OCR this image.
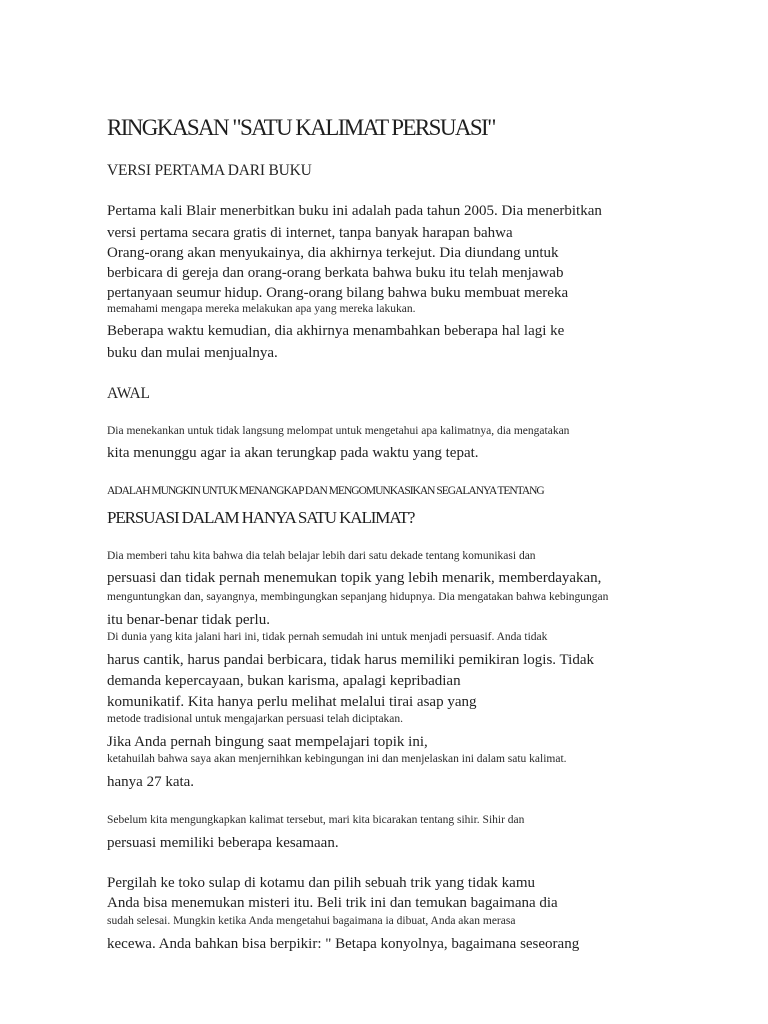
RINGKASAN "SATU KALIMAT PERSUASI"
VERSI PERTAMA DARI BUKU
Pertama kali Blair menerbitkan buku ini adalah pada tahun 2005. Dia menerbitkan
versi pertama secara gratis di internet, tanpa banyak harapan bahwa
Orang-orang akan menyukainya, dia akhirnya terkejut. Dia diundang untuk
berbicara di gereja dan orang-orang berkata bahwa buku itu telah menjawab
pertanyaan seumur hidup. Orang-orang bilang bahwa buku membuat mereka
memahami mengapa mereka melakukan apa yang mereka lakukan.
Beberapa waktu kemudian, dia akhirnya menambahkan beberapa hal lagi ke
buku dan mulai menjualnya.
AWAL
Dia menekankan untuk tidak langsung melompat untuk mengetahui apa kalimatnya, dia mengatakan
kita menunggu agar ia akan terungkap pada waktu yang tepat.
ADALAH MUNGKIN UNTUK MENANGKAP DAN MENGOMUNKASIKAN SEGALANYA TENTANG
PERSUASI DALAM HANYA SATU KALIMAT?
Dia memberi tahu kita bahwa dia telah belajar lebih dari satu dekade tentang komunikasi dan
persuasi dan tidak pernah menemukan topik yang lebih menarik, memberdayakan,
menguntungkan dan, sayangnya, membingungkan sepanjang hidupnya. Dia mengatakan bahwa kebingungan
itu benar-benar tidak perlu.
Di dunia yang kita jalani hari ini, tidak pernah semudah ini untuk menjadi persuasif. Anda tidak
harus cantik, harus pandai berbicara, tidak harus memiliki pemikiran logis. Tidak
demanda kepercayaan, bukan karisma, apalagi kepribadian
komunikatif. Kita hanya perlu melihat melalui tirai asap yang
metode tradisional untuk mengajarkan persuasi telah diciptakan.
Jika Anda pernah bingung saat mempelajari topik ini,
ketahuilah bahwa saya akan menjernihkan kebingungan ini dan menjelaskan ini dalam satu kalimat.
hanya 27 kata.
Sebelum kita mengungkapkan kalimat tersebut, mari kita bicarakan tentang sihir. Sihir dan
persuasi memiliki beberapa kesamaan.
Pergilah ke toko sulap di kotamu dan pilih sebuah trik yang tidak kamu
Anda bisa menemukan misteri itu. Beli trik ini dan temukan bagaimana dia
sudah selesai. Mungkin ketika Anda mengetahui bagaimana ia dibuat, Anda akan merasa
kecewa. Anda bahkan bisa berpikir: " Betapa konyolnya, bagaimana seseorang
